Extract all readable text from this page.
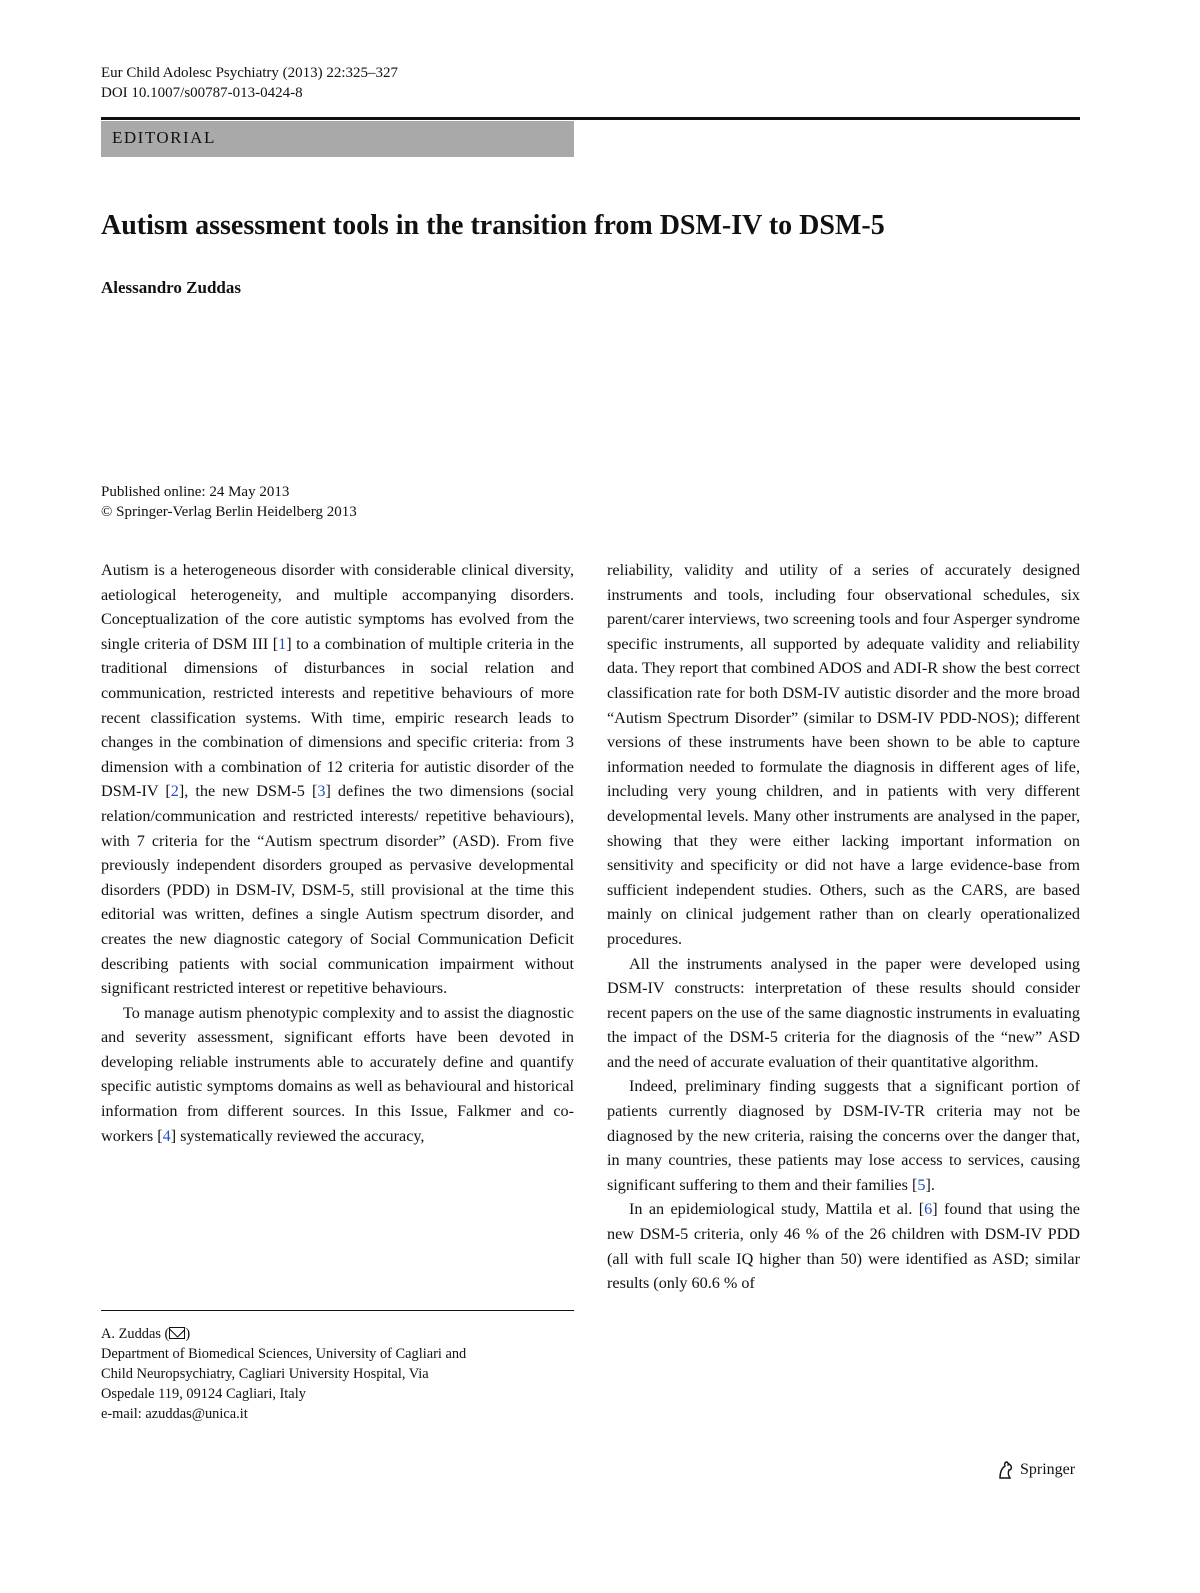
Eur Child Adolesc Psychiatry (2013) 22:325–327
DOI 10.1007/s00787-013-0424-8
EDITORIAL
Autism assessment tools in the transition from DSM-IV to DSM-5
Alessandro Zuddas
Published online: 24 May 2013
© Springer-Verlag Berlin Heidelberg 2013

Autism is a heterogeneous disorder with considerable clinical diversity, aetiological heterogeneity, and multiple accompanying disorders. Conceptualization of the core autistic symptoms has evolved from the single criteria of DSM III [1] to a combination of multiple criteria in the traditional dimensions of disturbances in social relation and communication, restricted interests and repetitive behaviours of more recent classification systems. With time, empiric research leads to changes in the combination of dimensions and specific criteria: from 3 dimension with a combination of 12 criteria for autistic disorder of the DSM-IV [2], the new DSM-5 [3] defines the two dimensions (social relation/communication and restricted interests/ repetitive behaviours), with 7 criteria for the “Autism spectrum disorder” (ASD). From five previously independent disorders grouped as pervasive developmental disorders (PDD) in DSM-IV, DSM-5, still provisional at the time this editorial was written, defines a single Autism spectrum disorder, and creates the new diagnostic category of Social Communication Deficit describing patients with social communication impairment without significant restricted interest or repetitive behaviours.

To manage autism phenotypic complexity and to assist the diagnostic and severity assessment, significant efforts have been devoted in developing reliable instruments able to accurately define and quantify specific autistic symptoms domains as well as behavioural and historical information from different sources. In this Issue, Falkmer and co-workers [4] systematically reviewed the accuracy,

reliability, validity and utility of a series of accurately designed instruments and tools, including four observational schedules, six parent/carer interviews, two screening tools and four Asperger syndrome specific instruments, all supported by adequate validity and reliability data. They report that combined ADOS and ADI-R show the best correct classification rate for both DSM-IV autistic disorder and the more broad “Autism Spectrum Disorder” (similar to DSM-IV PDD-NOS); different versions of these instruments have been shown to be able to capture information needed to formulate the diagnosis in different ages of life, including very young children, and in patients with very different developmental levels. Many other instruments are analysed in the paper, showing that they were either lacking important information on sensitivity and specificity or did not have a large evidence-base from sufficient independent studies. Others, such as the CARS, are based mainly on clinical judgement rather than on clearly operationalized procedures.

All the instruments analysed in the paper were developed using DSM-IV constructs: interpretation of these results should consider recent papers on the use of the same diagnostic instruments in evaluating the impact of the DSM-5 criteria for the diagnosis of the “new” ASD and the need of accurate evaluation of their quantitative algorithm.

Indeed, preliminary finding suggests that a significant portion of patients currently diagnosed by DSM-IV-TR criteria may not be diagnosed by the new criteria, raising the concerns over the danger that, in many countries, these patients may lose access to services, causing significant suffering to them and their families [5].

In an epidemiological study, Mattila et al. [6] found that using the new DSM-5 criteria, only 46 % of the 26 children with DSM-IV PDD (all with full scale IQ higher than 50) were identified as ASD; similar results (only 60.6 % of

A. Zuddas ( )
Department of Biomedical Sciences, University of Cagliari and
Child Neuropsychiatry, Cagliari University Hospital, Via
Ospedale 119, 09124 Cagliari, Italy
e-mail: azuddas@unica.it
Springer
